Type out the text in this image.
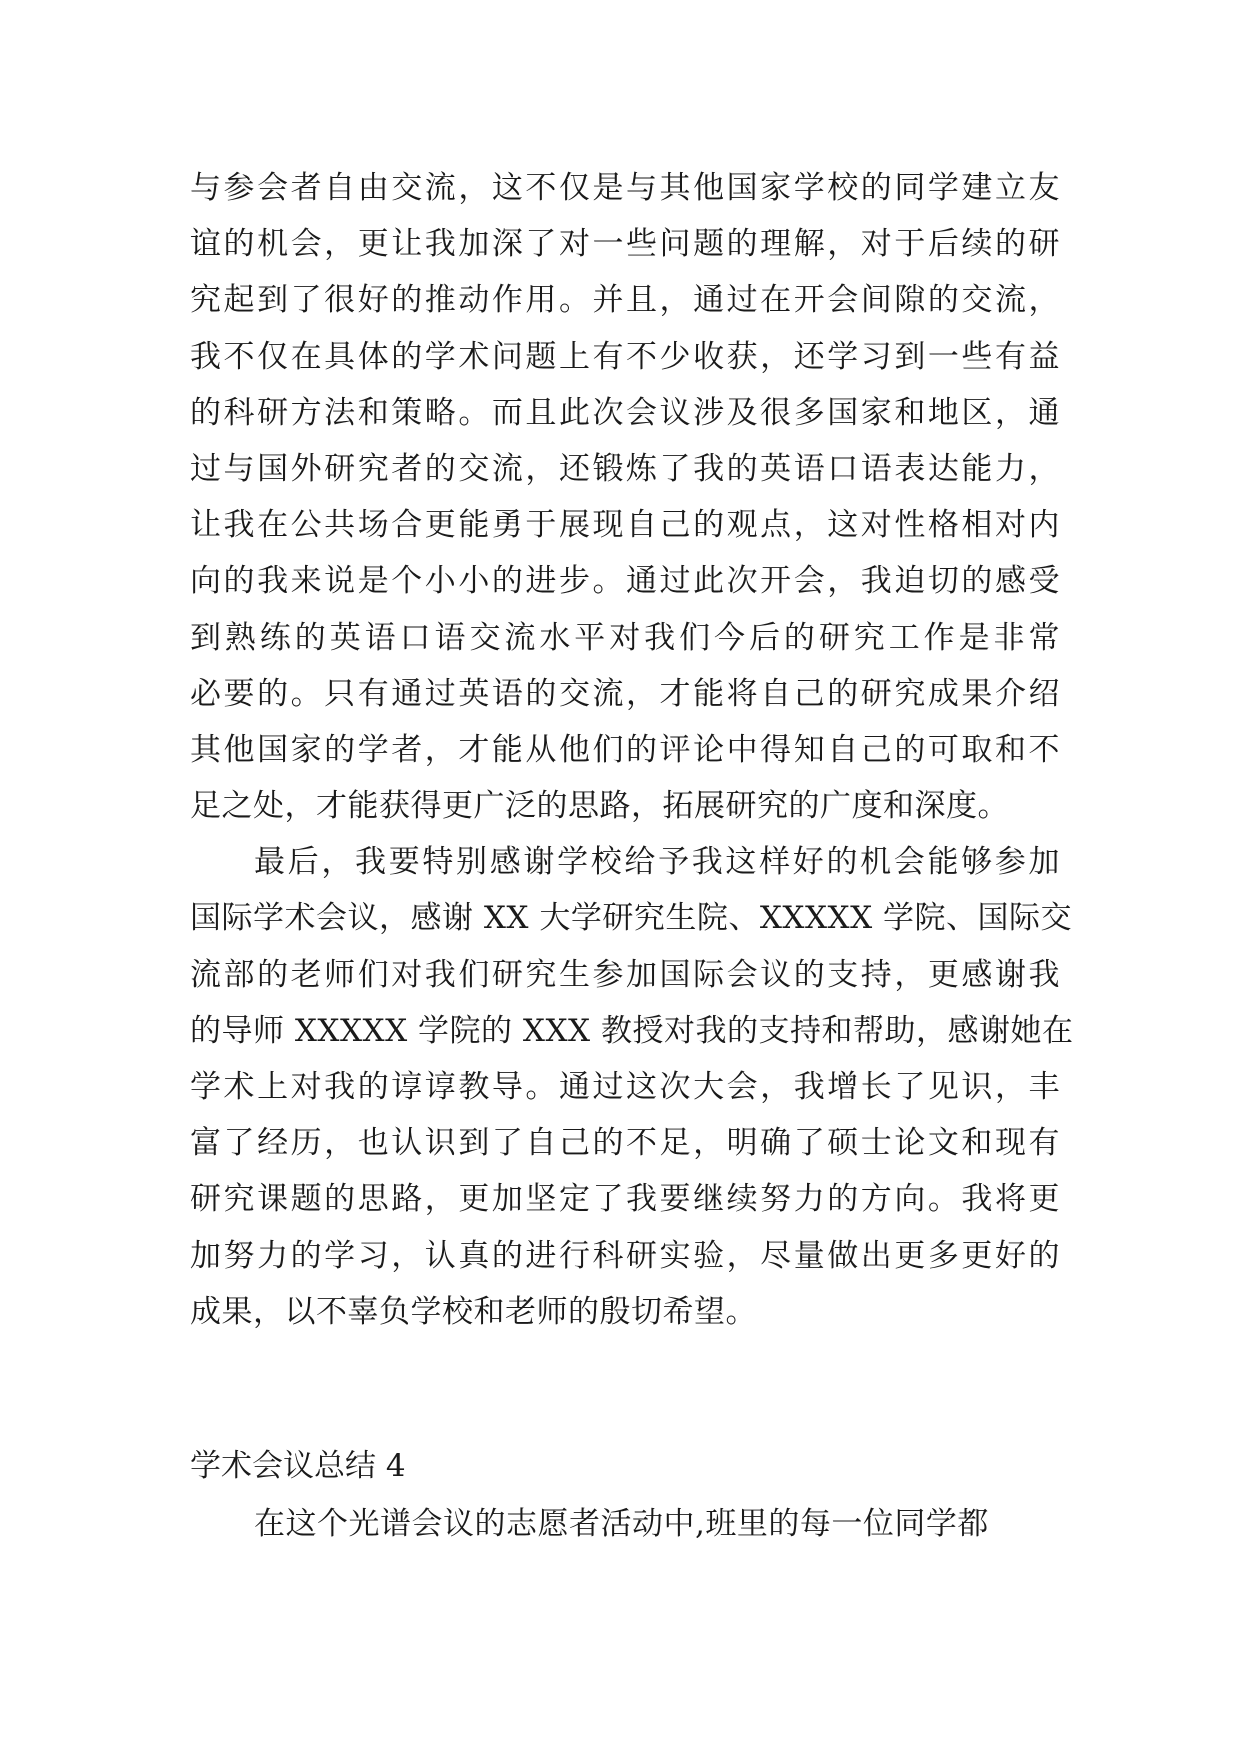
与参会者自由交流，这不仅是与其他国家学校的同学建立友
谊的机会，更让我加深了对一些问题的理解，对于后续的研
究起到了很好的推动作用。并且，通过在开会间隙的交流，
我不仅在具体的学术问题上有不少收获，还学习到一些有益
的科研方法和策略。而且此次会议涉及很多国家和地区，通
过与国外研究者的交流，还锻炼了我的英语口语表达能力，
让我在公共场合更能勇于展现自己的观点，这对性格相对内
向的我来说是个小小的进步。通过此次开会，我迫切的感受
到熟练的英语口语交流水平对我们今后的研究工作是非常
必要的。只有通过英语的交流，才能将自己的研究成果介绍
其他国家的学者，才能从他们的评论中得知自己的可取和不
足之处，才能获得更广泛的思路，拓展研究的广度和深度。
最后，我要特别感谢学校给予我这样好的机会能够参加
国际学术会议，感谢 XX 大学研究生院、XXXXX 学院、国际交
流部的老师们对我们研究生参加国际会议的支持，更感谢我
的导师 XXXXX 学院的 XXX 教授对我的支持和帮助，感谢她在
学术上对我的谆谆教导。通过这次大会，我增长了见识，丰
富了经历，也认识到了自己的不足，明确了硕士论文和现有
研究课题的思路，更加坚定了我要继续努力的方向。我将更
加努力的学习，认真的进行科研实验，尽量做出更多更好的
成果，以不辜负学校和老师的殷切希望。
学术会议总结 4
在这个光谱会议的志愿者活动中,班里的每一位同学都
